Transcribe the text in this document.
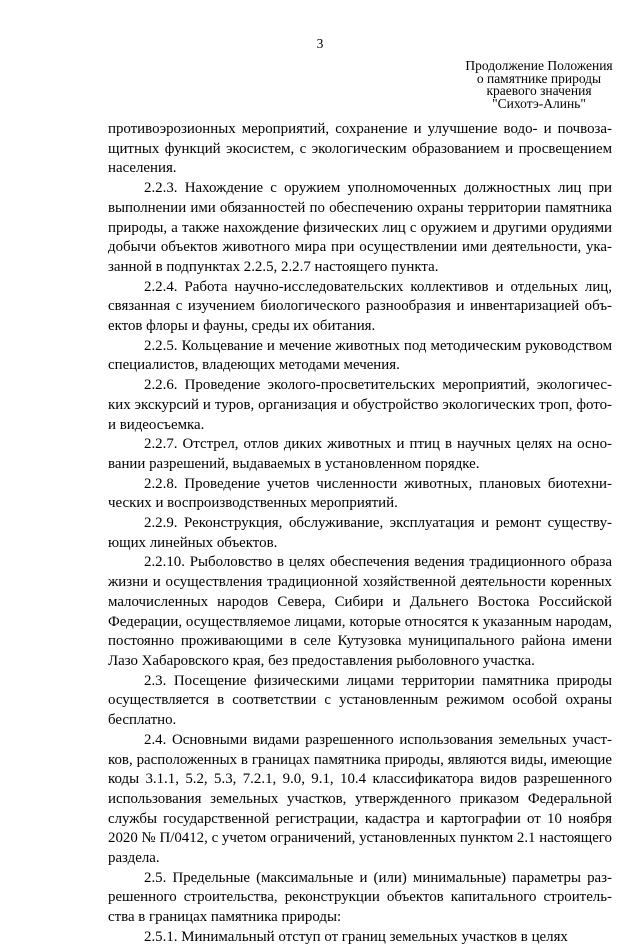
3
Продолжение Положения
о памятнике природы
краевого значения
"Сихотэ-Алинь"

противоэрозионных мероприятий, сохранение и улучшение водо- и почвозащитных функций экосистем, с экологическим образованием и просвещением населения.

2.2.3. Нахождение с оружием уполномоченных должностных лиц при выполнении ими обязанностей по обеспечению охраны территории памятника природы, а также нахождение физических лиц с оружием и другими орудиями добычи объектов животного мира при осуществлении ими деятельности, указанной в подпунктах 2.2.5, 2.2.7 настоящего пункта.

2.2.4. Работа научно-исследовательских коллективов и отдельных лиц, связанная с изучением биологического разнообразия и инвентаризацией объектов флоры и фауны, среды их обитания.

2.2.5. Кольцевание и мечение животных под методическим руководством специалистов, владеющих методами мечения.

2.2.6. Проведение эколого-просветительских мероприятий, экологических экскурсий и туров, организация и обустройство экологических троп, фото- и видеосъемка.

2.2.7. Отстрел, отлов диких животных и птиц в научных целях на основании разрешений, выдаваемых в установленном порядке.

2.2.8. Проведение учетов численности животных, плановых биотехнических и воспроизводственных мероприятий.

2.2.9. Реконструкция, обслуживание, эксплуатация и ремонт существующих линейных объектов.

2.2.10. Рыболовство в целях обеспечения ведения традиционного образа жизни и осуществления традиционной хозяйственной деятельности коренных малочисленных народов Севера, Сибири и Дальнего Востока Российской Федерации, осуществляемое лицами, которые относятся к указанным народам, постоянно проживающими в селе Кутузовка муниципального района имени Лазо Хабаровского края, без предоставления рыболовного участка.

2.3. Посещение физическими лицами территории памятника природы осуществляется в соответствии с установленным режимом особой охраны бесплатно.

2.4. Основными видами разрешенного использования земельных участков, расположенных в границах памятника природы, являются виды, имеющие коды 3.1.1, 5.2, 5.3, 7.2.1, 9.0, 9.1, 10.4 классификатора видов разрешенного использования земельных участков, утвержденного приказом Федеральной службы государственной регистрации, кадастра и картографии от 10 ноября 2020 № П/0412, с учетом ограничений, установленных пунктом 2.1 настоящего раздела.

2.5. Предельные (максимальные и (или) минимальные) параметры разрешенного строительства, реконструкции объектов капитального строительства в границах памятника природы:

2.5.1. Минимальный отступ от границ земельных участков в целях
